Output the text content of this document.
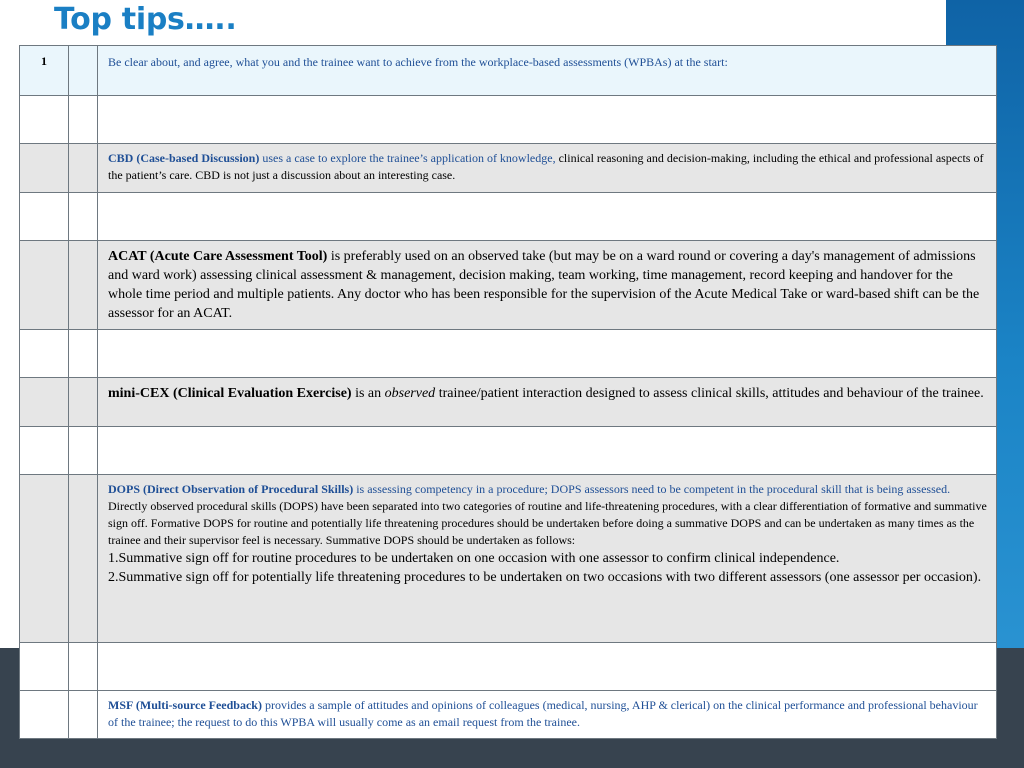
Royal College
Top tips…..
1		Be clear about, and agree, what you and the trainee want to achieve from the workplace-based assessments (WPBAs) at the start:

		CBD (Case-based Discussion) uses a case to explore the trainee’s application of knowledge, clinical reasoning and decision-making, including the ethical and professional aspects of the patient’s care. CBD is not just a discussion about an interesting case.

		ACAT (Acute Care Assessment Tool) is preferably used on an observed take (but may be on a ward round or covering a day's management of admissions and ward work) assessing clinical assessment & management, decision making, team working, time management, record keeping and handover for the whole time period and multiple patients. Any doctor who has been responsible for the supervision of the Acute Medical Take or ward-based shift can be the assessor for an ACAT.

		mini-CEX (Clinical Evaluation Exercise) is an observed trainee/patient interaction designed to assess clinical skills, attitudes and behaviour of the trainee.

		DOPS (Direct Observation of Procedural Skills) is assessing competency in a procedure; DOPS assessors need to be competent in the procedural skill that is being assessed.
Directly observed procedural skills (DOPS) have been separated into two categories of routine and life-threatening procedures, with a clear differentiation of formative and summative sign off. Formative DOPS for routine and potentially life threatening procedures should be undertaken before doing a summative DOPS and can be undertaken as many times as the trainee and their supervisor feel is necessary. Summative DOPS should be undertaken as follows:
1.Summative sign off for routine procedures to be undertaken on one occasion with one assessor to confirm clinical independence.
2.Summative sign off for potentially life threatening procedures to be undertaken on two occasions with two different assessors (one assessor per occasion).

		MSF (Multi-source Feedback) provides a sample of attitudes and opinions of colleagues (medical, nursing, AHP & clerical) on the clinical performance and professional behaviour of the trainee; the request to do this WPBA will usually come as an email request from the trainee.
